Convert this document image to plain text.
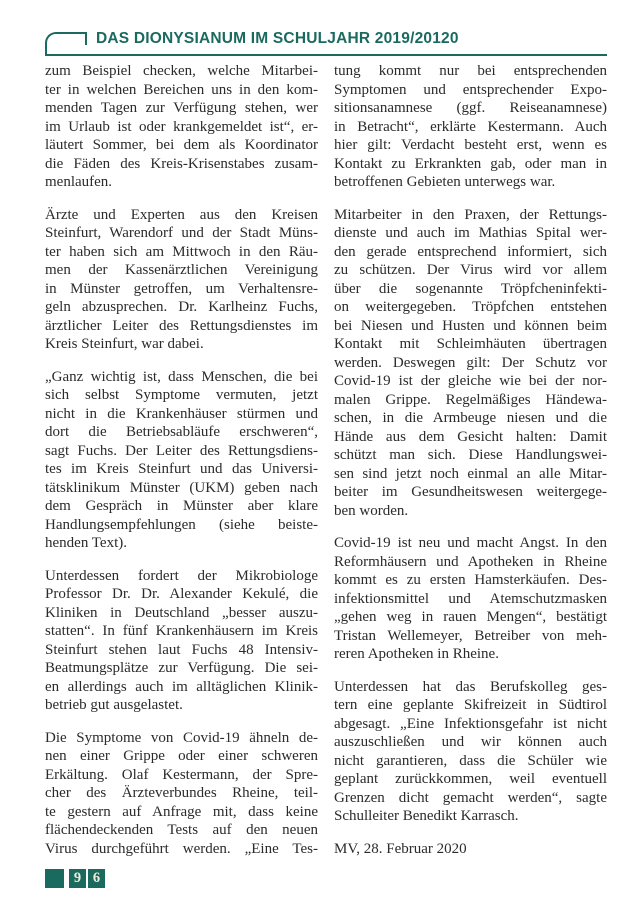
DAS DIONYSIANUM IM SCHULJAHR 2019/20120
zum Beispiel checken, welche Mitarbei-
ter in welchen Bereichen uns in den kom-
menden Tagen zur Verfügung stehen, wer
im Urlaub ist oder krankgemeldet ist“, er-
läutert Sommer, bei dem als Koordinator
die Fäden des Kreis-Krisenstabes zusam-
menlaufen.
Ärzte und Experten aus den Kreisen
Steinfurt, Warendorf und der Stadt Müns-
ter haben sich am Mittwoch in den Räu-
men der Kassenärztlichen Vereinigung
in Münster getroffen, um Verhaltensre-
geln abzusprechen. Dr. Karlheinz Fuchs,
ärztlicher Leiter des Rettungsdienstes im
Kreis Steinfurt, war dabei.
„Ganz wichtig ist, dass Menschen, die bei
sich selbst Symptome vermuten, jetzt
nicht in die Krankenhäuser stürmen und
dort die Betriebsabläufe erschweren“,
sagt Fuchs. Der Leiter des Rettungsdiens-
tes im Kreis Steinfurt und das Universi-
tätsklinikum Münster (UKM) geben nach
dem Gespräch in Münster aber klare
Handlungsempfehlungen (siehe beiste-
henden Text).
Unterdessen fordert der Mikrobiologe
Professor Dr. Dr. Alexander Kekulé, die
Kliniken in Deutschland „besser auszu-
statten“. In fünf Krankenhäusern im Kreis
Steinfurt stehen laut Fuchs 48 Intensiv-
Beatmungsplätze zur Verfügung. Die sei-
en allerdings auch im alltäglichen Klinik-
betrieb gut ausgelastet.
Die Symptome von Covid-19 ähneln de-
nen einer Grippe oder einer schweren
Erkältung. Olaf Kestermann, der Spre-
cher des Ärzteverbundes Rheine, teil-
te gestern auf Anfrage mit, dass keine
flächendeckenden Tests auf den neuen
Virus durchgeführt werden. „Eine Tes-
tung kommt nur bei entsprechenden
Symptomen und entsprechender Expo-
sitionsanamnese (ggf. Reiseanamnese)
in Betracht“, erklärte Kestermann. Auch
hier gilt: Verdacht besteht erst, wenn es
Kontakt zu Erkrankten gab, oder man in
betroffenen Gebieten unterwegs war.
Mitarbeiter in den Praxen, der Rettungs-
dienste und auch im Mathias Spital wer-
den gerade entsprechend informiert, sich
zu schützen. Der Virus wird vor allem
über die sogenannte Tröpfcheninfekti-
on weitergegeben. Tröpfchen entstehen
bei Niesen und Husten und können beim
Kontakt mit Schleimhäuten übertragen
werden. Deswegen gilt: Der Schutz vor
Covid-19 ist der gleiche wie bei der nor-
malen Grippe. Regelmäßiges Händewa-
schen, in die Armbeuge niesen und die
Hände aus dem Gesicht halten: Damit
schützt man sich. Diese Handlungswei-
sen sind jetzt noch einmal an alle Mitar-
beiter im Gesundheitswesen weitergege-
ben worden.
Covid-19 ist neu und macht Angst. In den
Reformhäusern und Apotheken in Rheine
kommt es zu ersten Hamsterkäufen. Des-
infektionsmittel und Atemschutzmasken
„gehen weg in rauen Mengen“, bestätigt
Tristan Wellemeyer, Betreiber von meh-
reren Apotheken in Rheine.
Unterdessen hat das Berufskolleg ges-
tern eine geplante Skifreizeit in Südtirol
abgesagt. „Eine Infektionsgefahr ist nicht
auszuschließen und wir können auch
nicht garantieren, dass die Schüler wie
geplant zurückkommen, weil eventuell
Grenzen dicht gemacht werden“, sagte
Schulleiter Benedikt Karrasch.
MV, 28. Februar 2020
9 6
